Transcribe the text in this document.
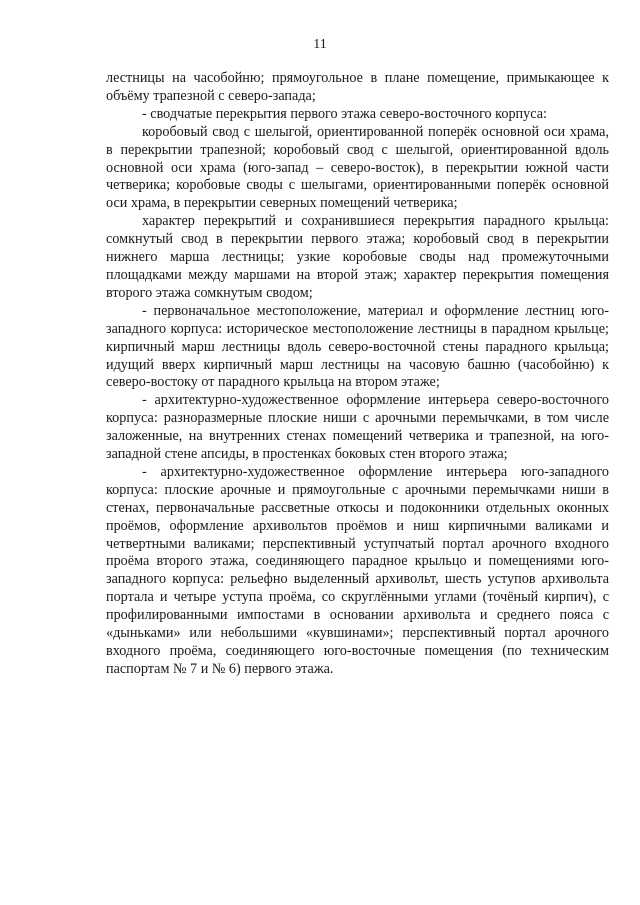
11

лестницы на часобойню; прямоугольное в плане помещение, примыкающее к объёму трапезной с северо-запада;

- сводчатые перекрытия первого этажа северо-восточного корпуса:

коробовый свод с шелыгой, ориентированной поперёк основной оси храма, в перекрытии трапезной; коробовый свод с шелыгой, ориентированной вдоль основной оси храма (юго-запад – северо-восток), в перекрытии южной части четверика; коробовые своды с шелыгами, ориентированными поперёк основной оси храма, в перекрытии северных помещений четверика;

характер перекрытий и сохранившиеся перекрытия парадного крыльца: сомкнутый свод в перекрытии первого этажа; коробовый свод в перекрытии нижнего марша лестницы; узкие коробовые своды над промежуточными площадками между маршами на второй этаж; характер перекрытия помещения второго этажа сомкнутым сводом;

- первоначальное местоположение, материал и оформление лестниц юго-западного корпуса: историческое местоположение лестницы в парадном крыльце; кирпичный марш лестницы вдоль северо-восточной стены парадного крыльца; идущий вверх кирпичный марш лестницы на часовую башню (часобойню) к северо-востоку от парадного крыльца на втором этаже;

- архитектурно-художественное оформление интерьера северо-восточного корпуса: разноразмерные плоские ниши с арочными перемычками, в том числе заложенные, на внутренних стенах помещений четверика и трапезной, на юго-западной стене апсиды, в простенках боковых стен второго этажа;

- архитектурно-художественное оформление интерьера юго-западного корпуса: плоские арочные и прямоугольные с арочными перемычками ниши в стенах, первоначальные рассветные откосы и подоконники отдельных оконных проёмов, оформление архивольтов проёмов и ниш кирпичными валиками и четвертными валиками; перспективный уступчатый портал арочного входного проёма второго этажа, соединяющего парадное крыльцо и помещениями юго-западного корпуса: рельефно выделенный архивольт, шесть уступов архивольта портала и четыре уступа проёма, со скруглёнными углами (точёный кирпич), с профилированными импостами в основании архивольта и среднего пояса с «дыньками» или небольшими «кувшинами»; перспективный портал арочного входного проёма, соединяющего юго-восточные помещения (по техническим паспортам № 7 и № 6) первого этажа.
